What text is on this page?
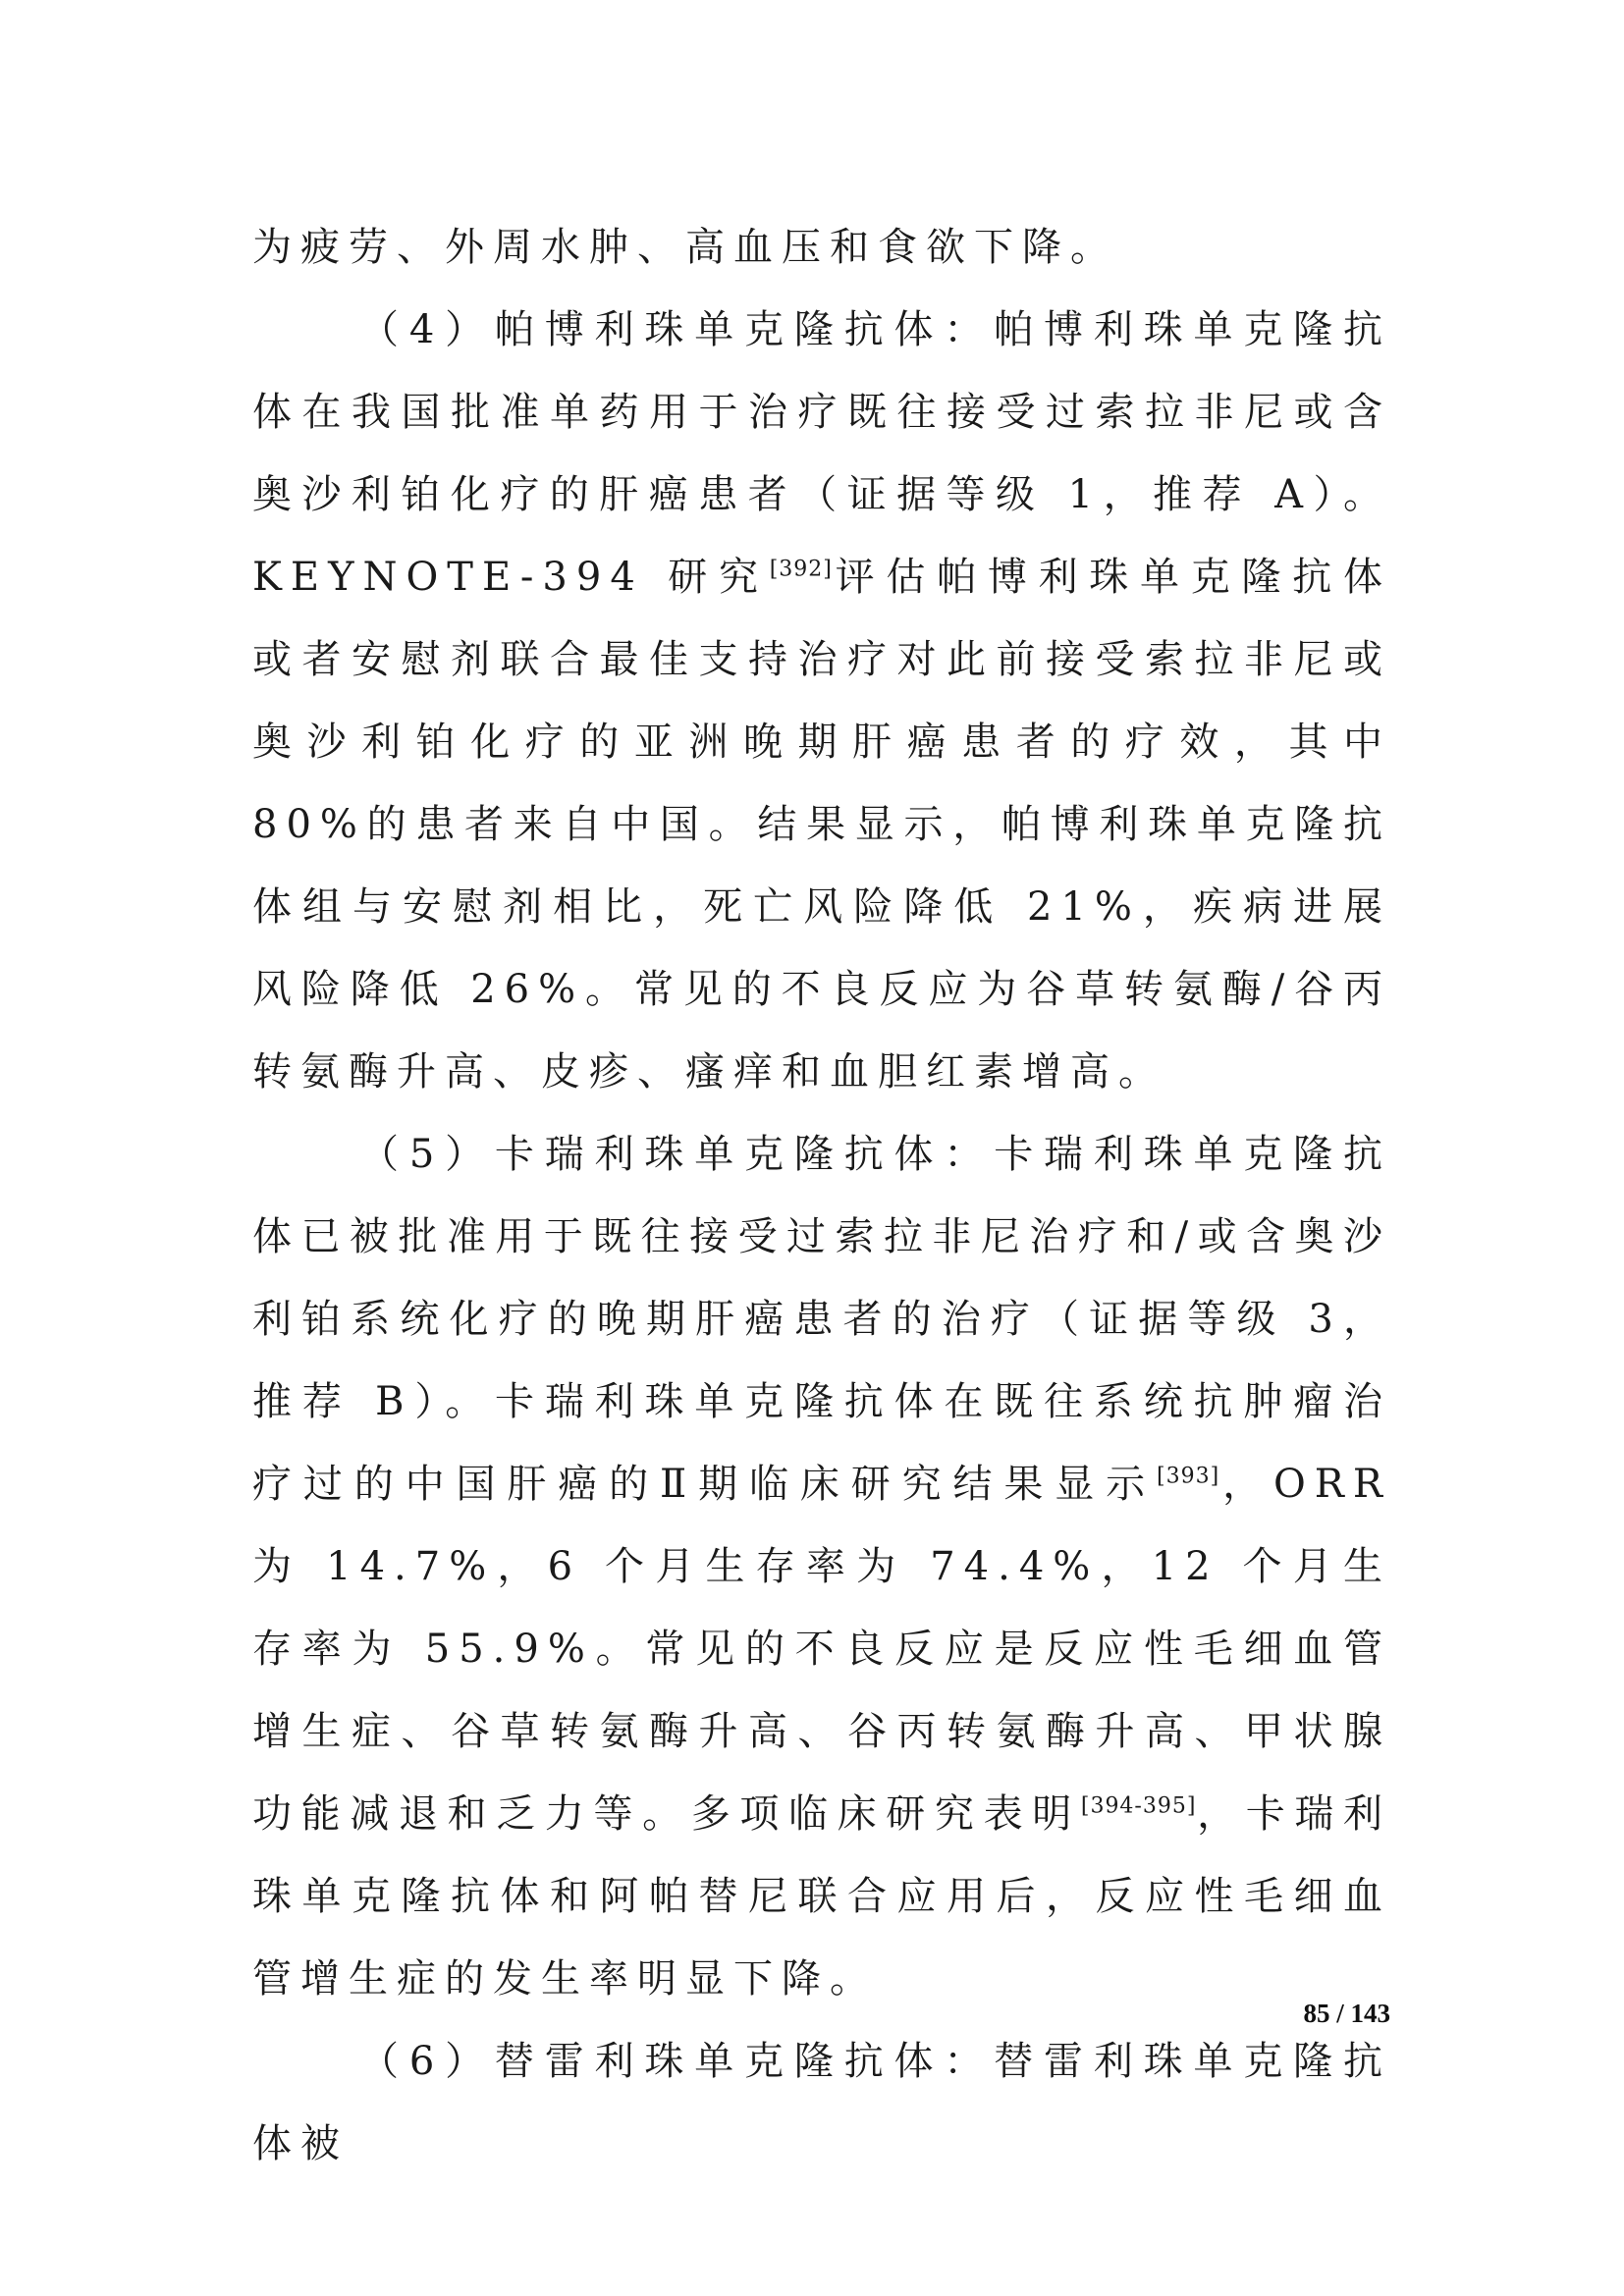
为疲劳、外周水肿、高血压和食欲下降。

（4）帕博利珠单克隆抗体：帕博利珠单克隆抗体在我国批准单药用于治疗既往接受过索拉非尼或含奥沙利铂化疗的肝癌患者（证据等级 1，推荐 A）。KEYNOTE-394 研究[392]评估帕博利珠单克隆抗体或者安慰剂联合最佳支持治疗对此前接受索拉非尼或奥沙利铂化疗的亚洲晚期肝癌患者的疗效，其中 80%的患者来自中国。结果显示，帕博利珠单克隆抗体组与安慰剂相比，死亡风险降低 21%，疾病进展风险降低 26%。常见的不良反应为谷草转氨酶/谷丙转氨酶升高、皮疹、瘙痒和血胆红素增高。

（5）卡瑞利珠单克隆抗体：卡瑞利珠单克隆抗体已被批准用于既往接受过索拉非尼治疗和/或含奥沙利铂系统化疗的晚期肝癌患者的治疗（证据等级 3，推荐 B）。卡瑞利珠单克隆抗体在既往系统抗肿瘤治疗过的中国肝癌的Ⅱ期临床研究结果显示[393]，ORR 为 14.7%，6 个月生存率为 74.4%，12 个月生存率为 55.9%。常见的不良反应是反应性毛细血管增生症、谷草转氨酶升高、谷丙转氨酶升高、甲状腺功能减退和乏力等。多项临床研究表明[394-395]，卡瑞利珠单克隆抗体和阿帕替尼联合应用后，反应性毛细血管增生症的发生率明显下降。

（6）替雷利珠单克隆抗体：替雷利珠单克隆抗体被

85 / 143
